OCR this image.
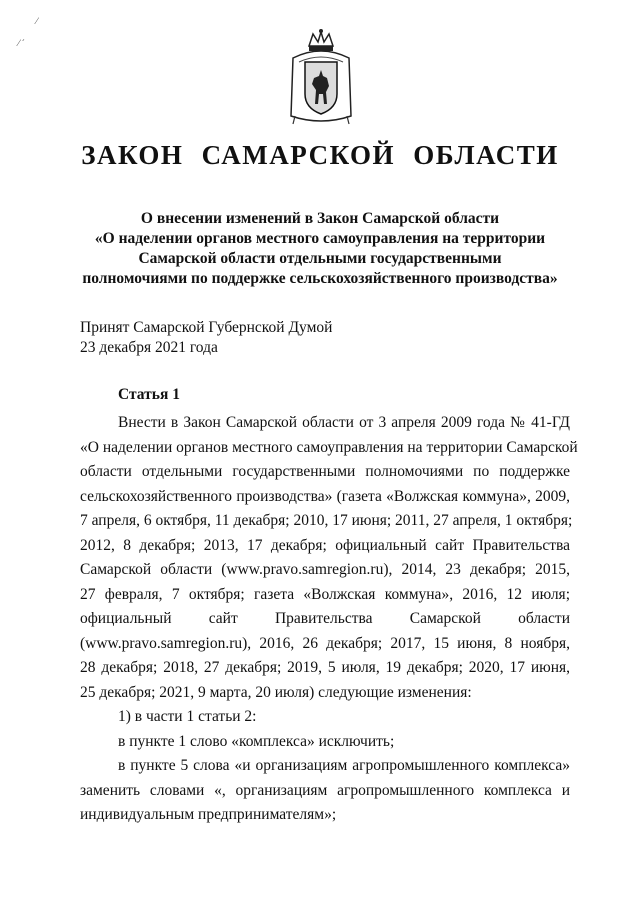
ЗАКОН САМАРСКОЙ ОБЛАСТИ
О внесении изменений в Закон Самарской области
«О наделении органов местного самоуправления на территории
Самарской области отдельными государственными
полномочиями по поддержке сельскохозяйственного производства»
Принят Самарской Губернской Думой
23 декабря 2021 года
Статья 1
Внести в Закон Самарской области от 3 апреля 2009 года № 41-ГД
«О наделении органов местного самоуправления на территории Самарской
области отдельными государственными полномочиями по поддержке
сельскохозяйственного производства» (газета «Волжская коммуна», 2009,
7 апреля, 6 октября, 11 декабря; 2010, 17 июня; 2011, 27 апреля, 1 октября;
2012, 8 декабря; 2013, 17 декабря; официальный сайт Правительства
Самарской области (www.pravo.samregion.ru), 2014, 23 декабря; 2015,
27 февраля, 7 октября; газета «Волжская коммуна», 2016, 12 июля;
официальный сайт Правительства Самарской области
(www.pravo.samregion.ru), 2016, 26 декабря; 2017, 15 июня, 8 ноября,
28 декабря; 2018, 27 декабря; 2019, 5 июля, 19 декабря; 2020, 17 июня,
25 декабря; 2021, 9 марта, 20 июля) следующие изменения:
1) в части 1 статьи 2:
в пункте 1 слово «комплекса» исключить;
в пункте 5 слова «и организациям агропромышленного комплекса»
заменить словами «, организациям агропромышленного комплекса и
индивидуальным предпринимателям»;
⁄
⁄ ´
